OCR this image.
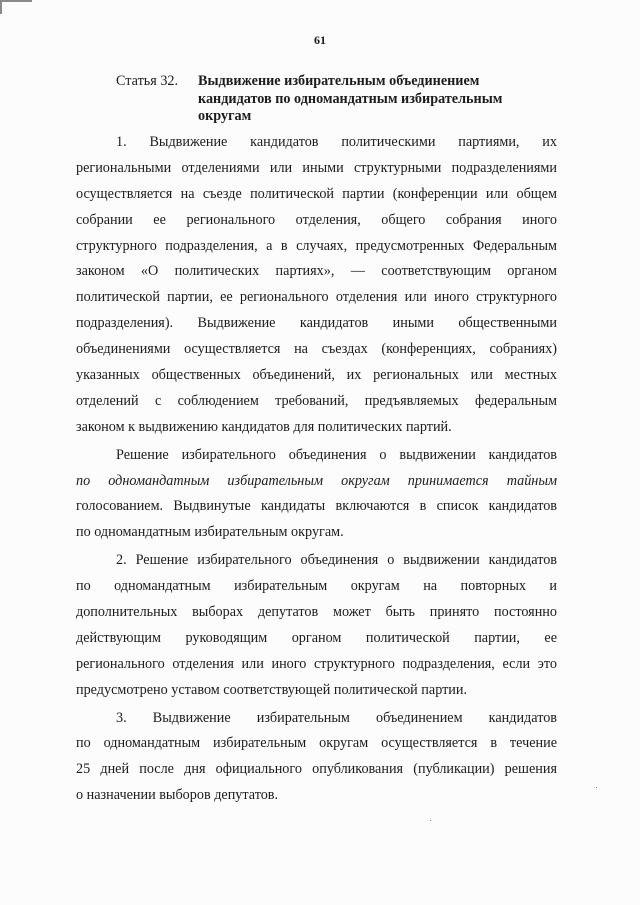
61
Статья 32.	Выдвижение избирательным объединением кандидатов по одномандатным избирательным округам
1. Выдвижение кандидатов политическими партиями, их
региональными отделениями или иными структурными подразделениями
осуществляется на съезде политической партии (конференции или общем
собрании ее регионального отделения, общего собрания иного
структурного подразделения, а в случаях, предусмотренных Федеральным
законом «О политических партиях», — соответствующим органом
политической партии, ее регионального отделения или иного структурного
подразделения). Выдвижение кандидатов иными общественными
объединениями осуществляется на съездах (конференциях, собраниях)
указанных общественных объединений, их региональных или местных
отделений с соблюдением требований, предъявляемых федеральным
законом к выдвижению кандидатов для политических партий.
Решение избирательного объединения о выдвижении кандидатов
по одномандатным избирательным округам принимается тайным
голосованием. Выдвинутые кандидаты включаются в список кандидатов
по одномандатным избирательным округам.
2. Решение избирательного объединения о выдвижении кандидатов
по одномандатным избирательным округам на повторных и
дополнительных выборах депутатов может быть принято постоянно
действующим руководящим органом политической партии, ее
регионального отделения или иного структурного подразделения, если это
предусмотрено уставом соответствующей политической партии.
3. Выдвижение избирательным объединением кандидатов
по одномандатным избирательным округам осуществляется в течение
25 дней после дня официального опубликования (публикации) решения
о назначении выборов депутатов.
